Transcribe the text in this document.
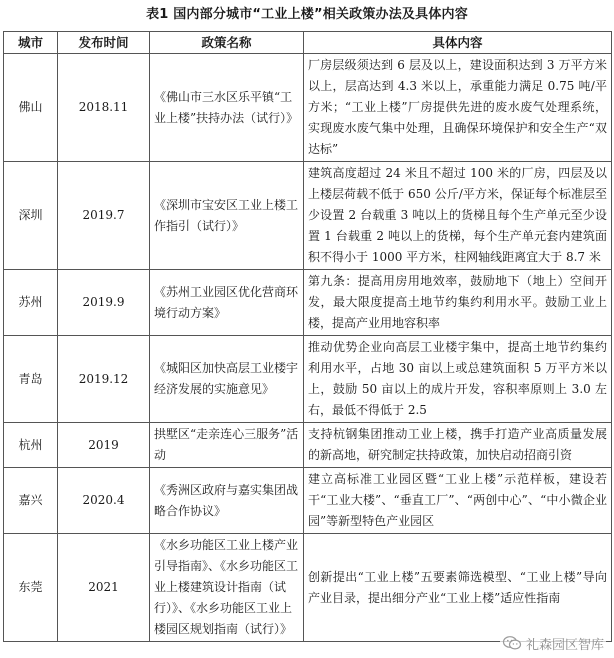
表1 国内部分城市“工业上楼”相关政策办法及具体内容
城市	发布时间	政策名称	具体内容
佛山	2018.11	《佛山市三水区乐平镇“工业上楼”扶持办法（试行）》	厂房层级须达到 6 层及以上，建设面积达到 3 万平方米以上，层高达到 4.3 米以上，承重能力满足 0.75 吨/平方米；“工业上楼”厂房提供先进的废水废气处理系统，实现废水废气集中处理，且确保环境保护和安全生产“双达标”
深圳	2019.7	《深圳市宝安区工业上楼工作指引（试行）》	建筑高度超过 24 米且不超过 100 米的厂房，四层及以上楼层荷载不低于 650 公斤/平方米，保证每个标准层至少设置 2 台载重 3 吨以上的货梯且每个生产单元至少设置 1 台载重 2 吨以上的货梯，每个生产单元套内建筑面积不得小于 1000 平方米，柱网轴线距离宜大于 8.7 米
苏州	2019.9	《苏州工业园区优化营商环境行动方案》	第九条：提高用房用地效率，鼓励地下（地上）空间开发，最大限度提高土地节约集约利用水平。鼓励工业上楼，提高产业用地容积率
青岛	2019.12	《城阳区加快高层工业楼宇经济发展的实施意见》	推动优势企业向高层工业楼宇集中，提高土地节约集约利用水平，占地 30 亩以上或总建筑面积 5 万平方米以上，鼓励 50 亩以上的成片开发，容积率原则上 3.0 左右，最低不得低于 2.5
杭州	2019	拱墅区“走亲连心三服务”活动	支持杭钢集团推动工业上楼，携手打造产业高质量发展的新高地，研究制定扶持政策，加快启动招商引资
嘉兴	2020.4	《秀洲区政府与嘉实集团战略合作协议》	建立高标准工业园区暨“工业上楼”示范样板，建设若干“工业大楼”、“垂直工厂”、“两创中心”、“中小微企业园”等新型特色产业园区
东莞	2021	《水乡功能区工业上楼产业引导指南》、《水乡功能区工业上楼建筑设计指南（试行）》、《水乡功能区工业上楼园区规划指南（试行）》	创新提出“工业上楼”五要素筛选模型、“工业上楼”导向产业目录，提出细分产业“工业上楼”适应性指南
礼森园区智库
